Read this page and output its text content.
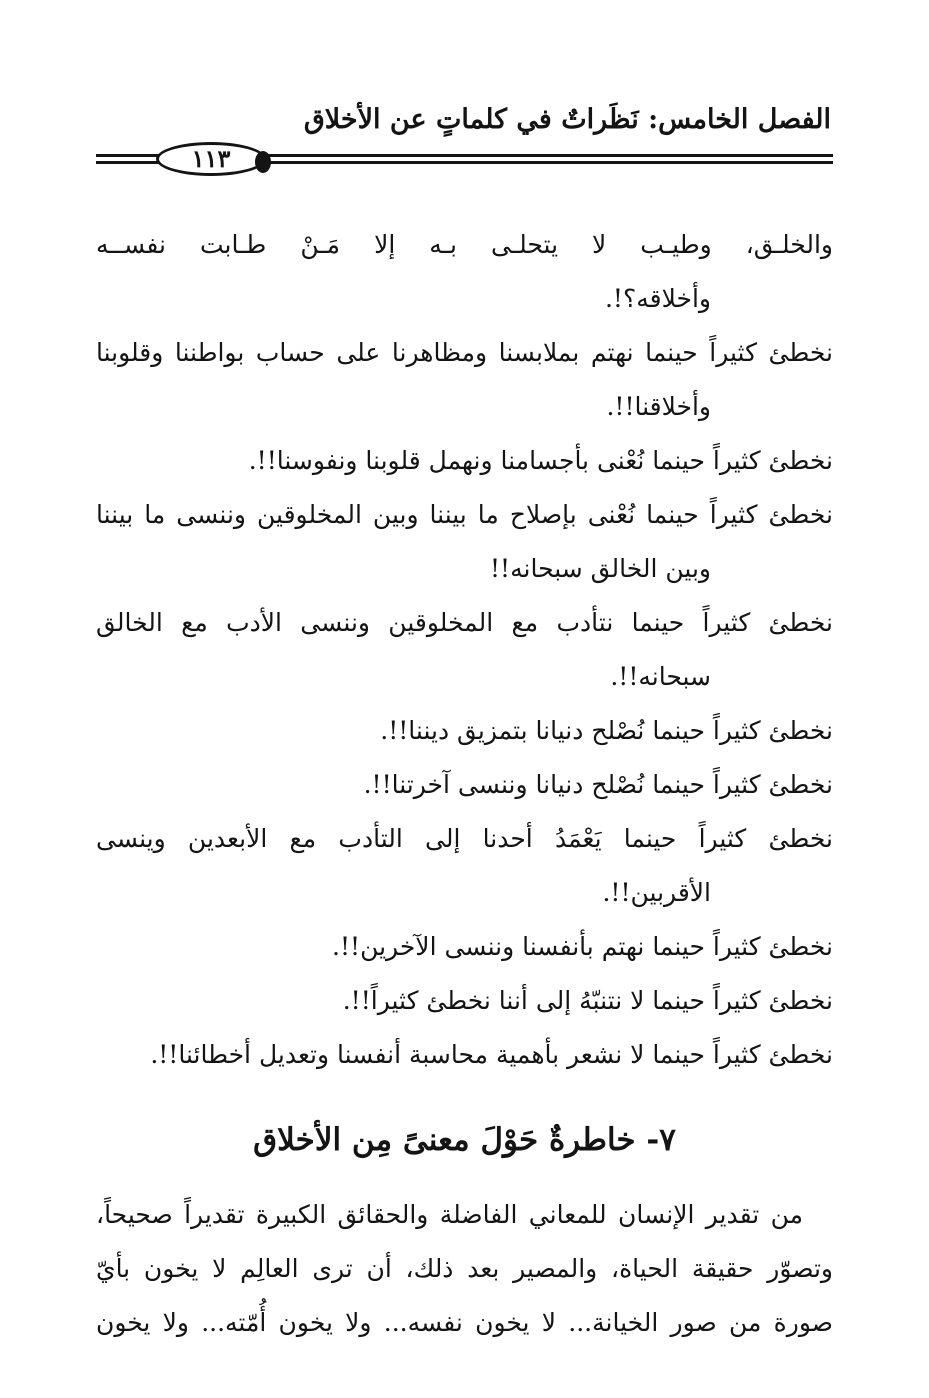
الفصل الخامس: نَظَراتٌ في كلماتٍ عن الأخلاق
١١٣

والخلـق، وطيـب لا يتحلـى بـه إلا مَـنْ طـابت نفســه

وأخلاقه؟!.

نخطئ كثيراً حينما نهتم بملابسنا ومظاهرنا على حساب بواطننا وقلوبنا

وأخلاقنا!!.

نخطئ كثيراً حينما نُعْنى بأجسامنا ونهمل قلوبنا ونفوسنا!!.

نخطئ كثيراً حينما نُعْنى بإصلاح ما بيننا وبين المخلوقين وننسى ما بيننا

وبين الخالق سبحانه!!

نخطئ كثيراً حينما نتأدب مع المخلوقين وننسى الأدب مع الخالق

سبحانه!!.

نخطئ كثيراً حينما نُصْلح دنيانا بتمزيق ديننا!!.

نخطئ كثيراً حينما نُصْلح دنيانا وننسى آخرتنا!!.

نخطئ كثيراً حينما يَعْمَدُ أحدنا إلى التأدب مع الأبعدين وينسى

الأقربين!!.

نخطئ كثيراً حينما نهتم بأنفسنا وننسى الآخرين!!.

نخطئ كثيراً حينما لا نتنبّهُ إلى أننا نخطئ كثيراً!!.

نخطئ كثيراً حينما لا نشعر بأهمية محاسبة أنفسنا وتعديل أخطائنا!!.

٧- خاطرةٌ حَوْلَ معنىً مِن الأخلاق

من تقدير الإنسان للمعاني الفاضلة والحقائق الكبيرة تقديراً صحيحاً،

وتصوّر حقيقة الحياة، والمصير بعد ذلك، أن ترى العالِم لا يخون بأيّ

صورة من صور الخيانة... لا يخون نفسه... ولا يخون أُمّته... ولا يخون
